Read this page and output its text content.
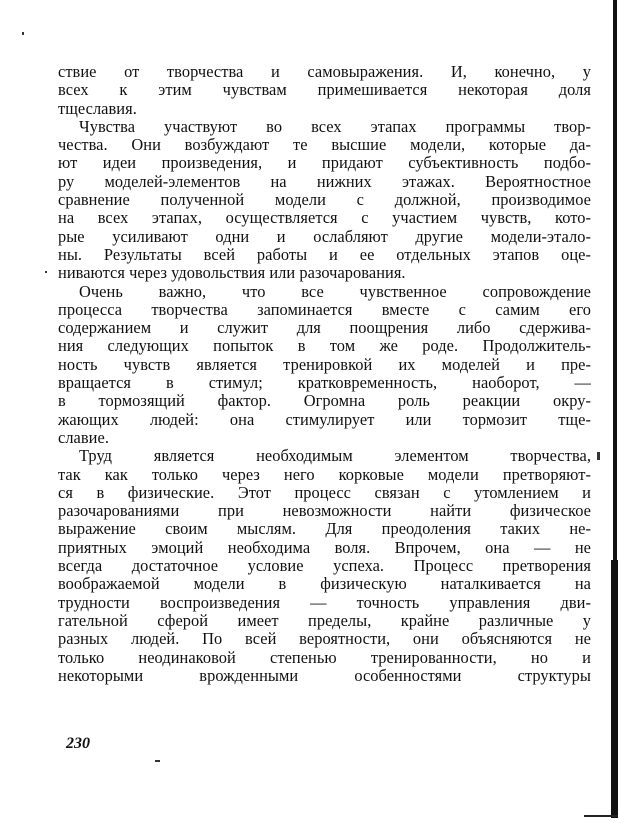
ствие от творчества и самовыражения. И, конечно, у
всех к этим чувствам примешивается некоторая доля
тщеславия.
Чувства участвуют во всех этапах программы твор-
чества. Они возбуждают те высшие модели, которые да-
ют идеи произведения, и придают субъективность подбо-
ру моделей-элементов на нижних этажах. Вероятностное
сравнение полученной модели с должной, производимое
на всех этапах, осуществляется с участием чувств, кото-
рые усиливают одни и ослабляют другие модели-эталo-
ны. Результаты всей работы и ее отдельных этапов оце-
ниваются через удовольствия или разочарования.
Очень важно, что все чувственное сопровождение
процесса творчества запоминается вместе с самим его
содержанием и служит для поощрения либо сдержива-
ния следующих попыток в том же роде. Продолжитель-
ность чувств является тренировкой их моделей и пре-
вращается в стимул; кратковременность, наоборот, —
в тормозящий фактор. Огромна роль реакции окру-
жающих людей: она стимулирует или тормозит тще-
славие.
Труд является необходимым элементом творчества,
так как только через него корковые модели претворяют-
ся в физические. Этот процесс связан с утомлением и
разочарованиями при невозможности найти физическое
выражение своим мыслям. Для преодоления таких не-
приятных эмоций необходима воля. Впрочем, она — не
всегда достаточное условие успеха. Процесс претворения
воображаемой модели в физическую наталкивается на
трудности воспроизведения — точность управления дви-
гательной сферой имеет пределы, крайне различные у
разных людей. По всей вероятности, они объясняются не
только неодинаковой степенью тренированности, но и
некоторыми врожденными особенностями структуры
230
